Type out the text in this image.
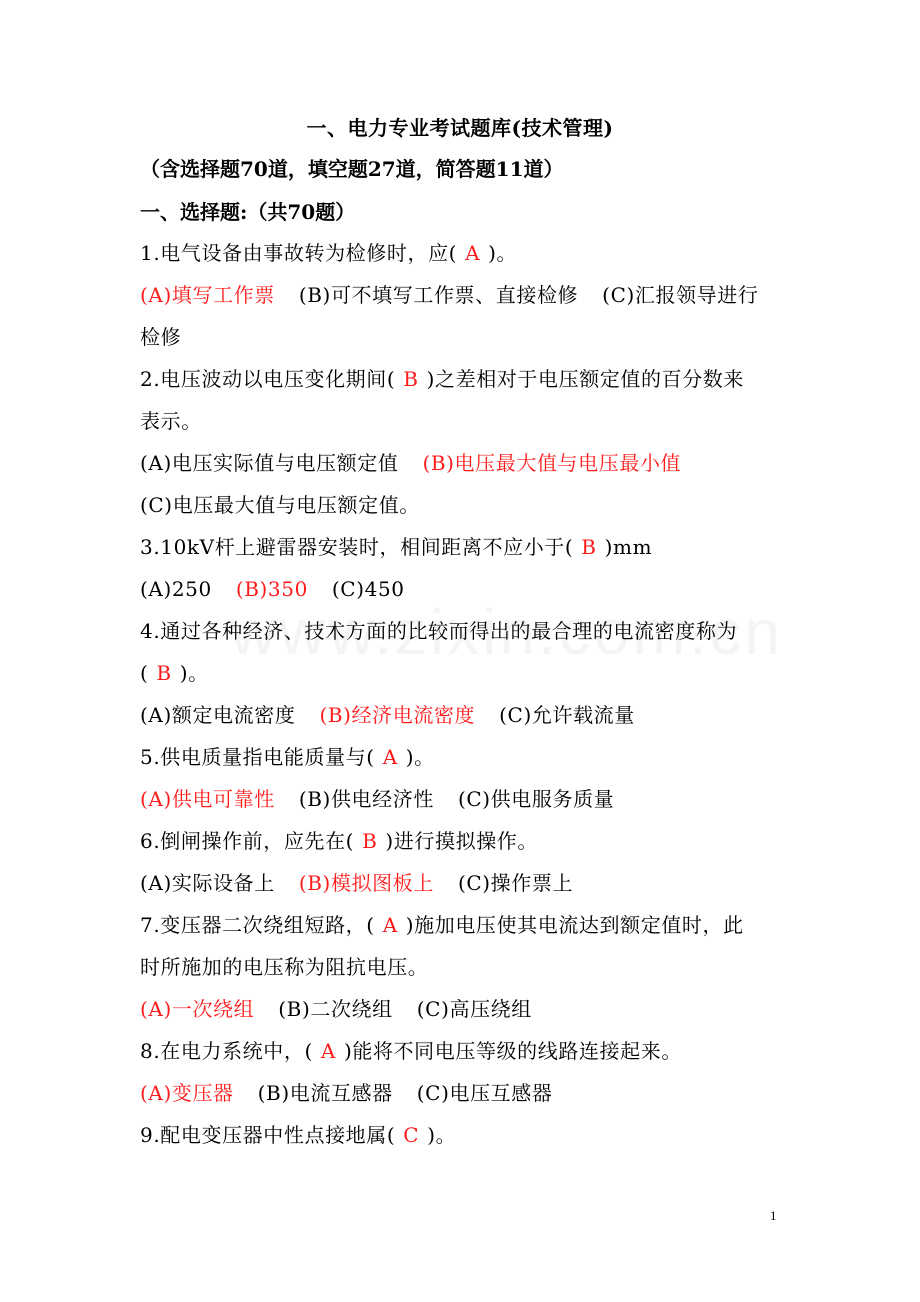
一、电力专业考试题库(技术管理)
（含选择题70道，填空题27道，简答题11道）
一、选择题:（共70题）
1.电气设备由事故转为检修时，应( A )。
(A)填写工作票 (B)可不填写工作票、直接检修 (C)汇报领导进行
检修
2.电压波动以电压变化期间( B )之差相对于电压额定值的百分数来
表示。
(A)电压实际值与电压额定值 (B)电压最大值与电压最小值
(C)电压最大值与电压额定值。
3.10kV杆上避雷器安装时，相间距离不应小于( B )mm
(A)250 (B)350 (C)450
4.通过各种经济、技术方面的比较而得出的最合理的电流密度称为
( B )。
(A)额定电流密度 (B)经济电流密度 (C)允许载流量
5.供电质量指电能质量与( A )。
(A)供电可靠性 (B)供电经济性 (C)供电服务质量
6.倒闸操作前，应先在( B )进行摸拟操作。
(A)实际设备上 (B)模拟图板上 (C)操作票上
7.变压器二次绕组短路，( A )施加电压使其电流达到额定值时，此
时所施加的电压称为阻抗电压。
(A)一次绕组 (B)二次绕组 (C)高压绕组
8.在电力系统中，( A )能将不同电压等级的线路连接起来。
(A)变压器 (B)电流互感器 (C)电压互感器
9.配电变压器中性点接地属( C )。
1
